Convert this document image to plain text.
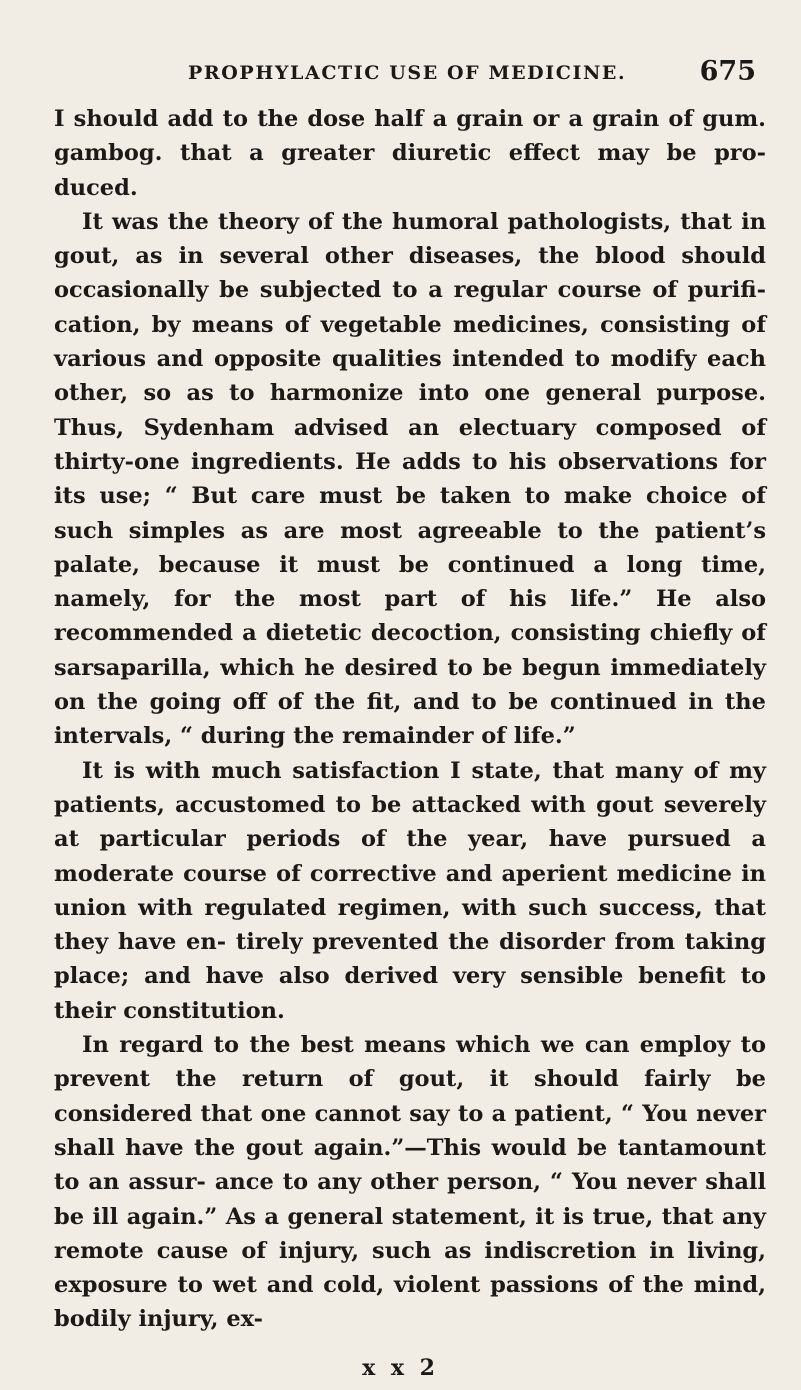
PROPHYLACTIC USE OF MEDICINE.	675

I should add to the dose half a grain or a grain of gum. gambog. that a greater diuretic effect may be pro- duced.

It was the theory of the humoral pathologists, that in gout, as in several other diseases, the blood should occasionally be subjected to a regular course of purifi- cation, by means of vegetable medicines, consisting of various and opposite qualities intended to modify each other, so as to harmonize into one general purpose. Thus, Sydenham advised an electuary composed of thirty-one ingredients. He adds to his observations for its use; “ But care must be taken to make choice of such simples as are most agreeable to the patient’s palate, because it must be continued a long time, namely, for the most part of his life.” He also recommended a dietetic decoction, consisting chiefly of sarsaparilla, which he desired to be begun immediately on the going off of the fit, and to be continued in the intervals, “ during the remainder of life.”

It is with much satisfaction I state, that many of my patients, accustomed to be attacked with gout severely at particular periods of the year, have pursued a moderate course of corrective and aperient medicine in union with regulated regimen, with such success, that they have en- tirely prevented the disorder from taking place; and have also derived very sensible benefit to their constitution.

In regard to the best means which we can employ to prevent the return of gout, it should fairly be considered that one cannot say to a patient, “ You never shall have the gout again.”—This would be tantamount to an assur- ance to any other person, “ You never shall be ill again.” As a general statement, it is true, that any remote cause of injury, such as indiscretion in living, exposure to wet and cold, violent passions of the mind, bodily injury, ex-

x x 2
